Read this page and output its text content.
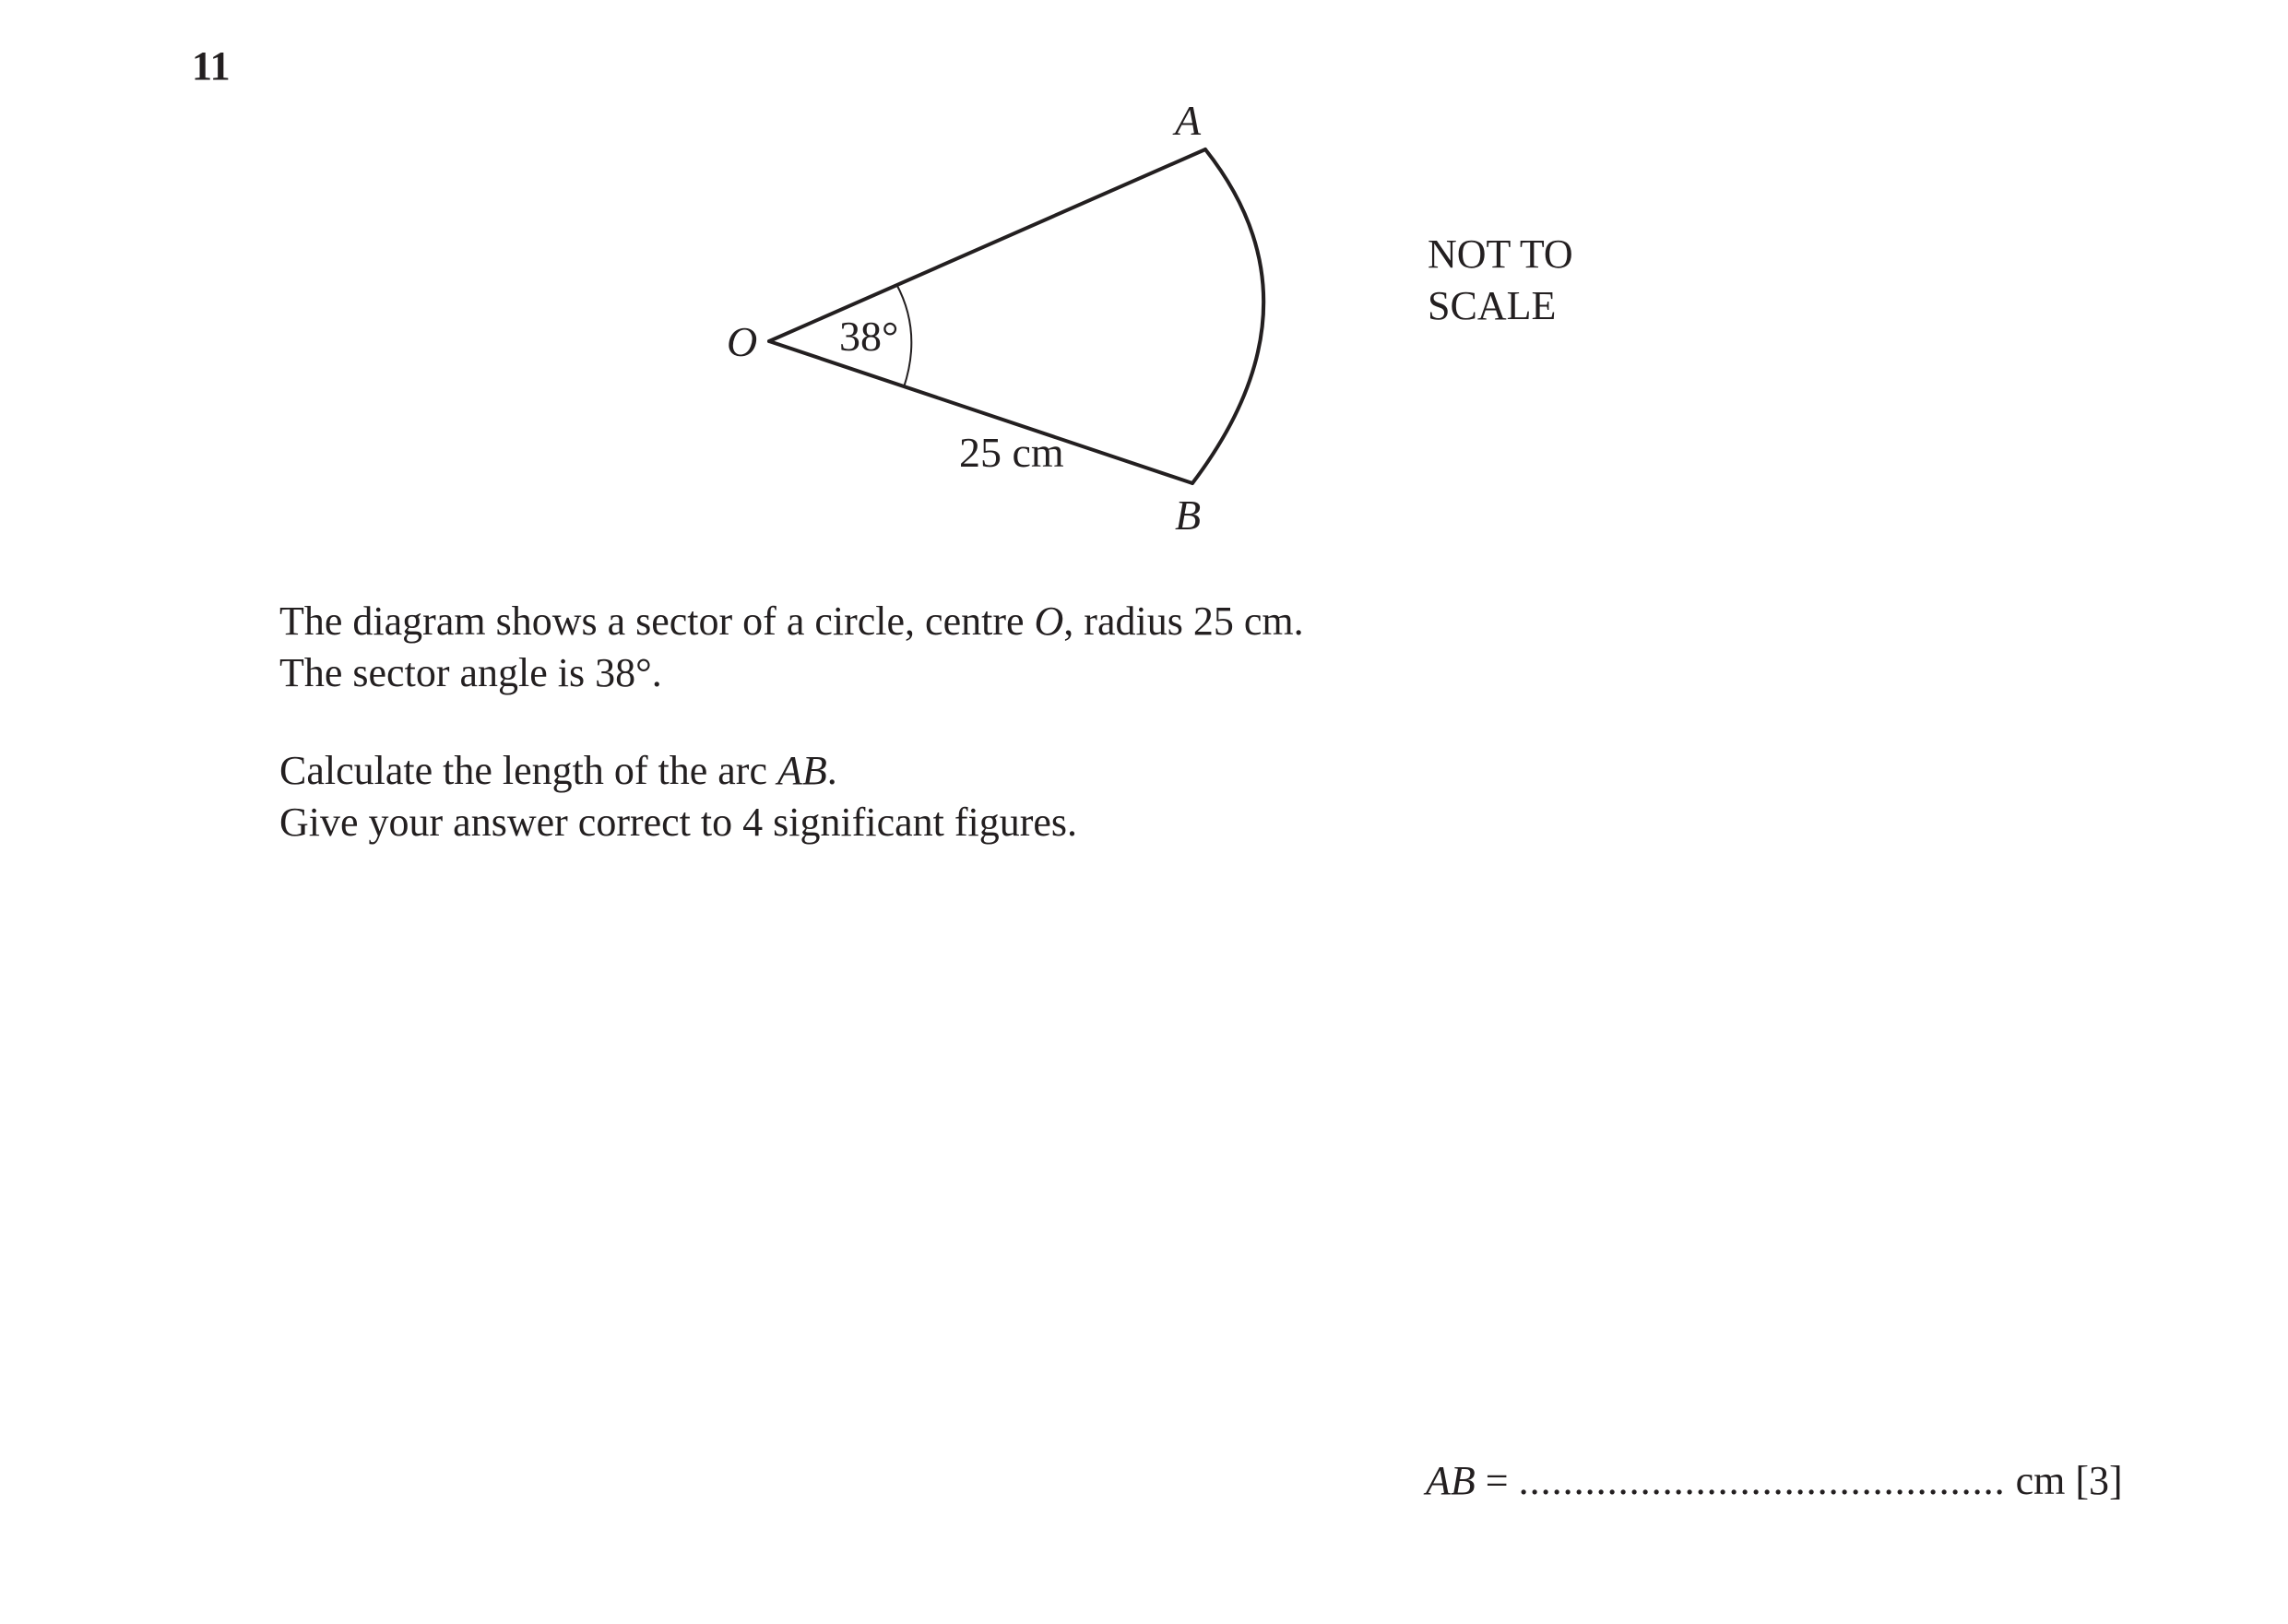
11
O
A
B
38°
25 cm
NOT TO
SCALE
The diagram shows a sector of a circle, centre O, radius 25 cm.
The sector angle is 38°.
Calculate the length of the arc AB.
Give your answer correct to 4 significant figures.
AB = ............................................ cm [3]
